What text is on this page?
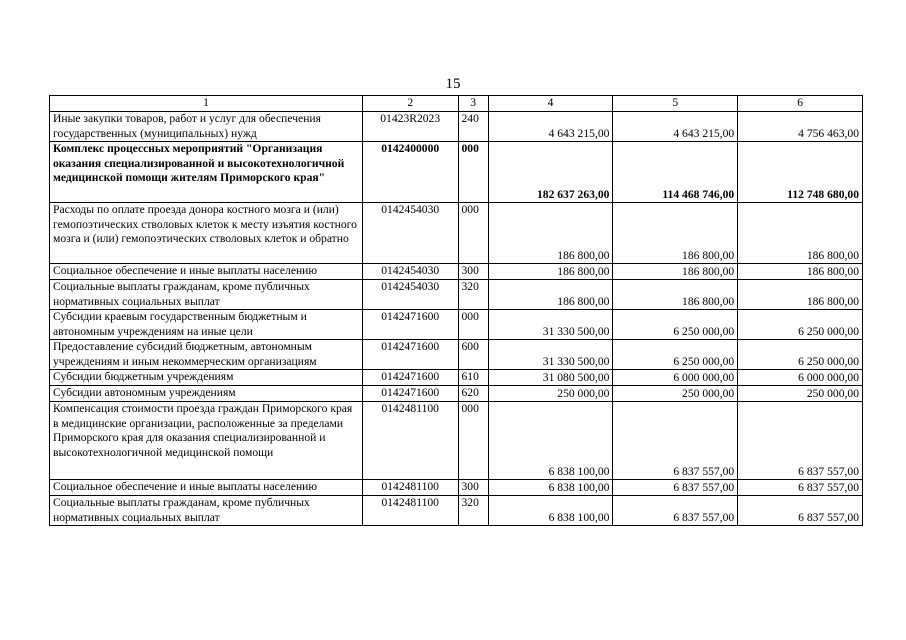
15
1	2	3	4	5	6
Иные закупки товаров, работ и услуг для обеспечения государственных (муниципальных) нужд	01423R2023	240	4 643 215,00	4 643 215,00	4 756 463,00
Комплекс процессных мероприятий "Организация оказания специализированной и высокотехнологичной медицинской помощи жителям Приморского края"	0142400000	000	182 637 263,00	114 468 746,00	112 748 680,00
Расходы по оплате проезда донора костного мозга и (или) гемопоэтических стволовых клеток к месту изъятия костного мозга и (или) гемопоэтических стволовых клеток и обратно	0142454030	000	186 800,00	186 800,00	186 800,00
Социальное обеспечение и иные выплаты населению	0142454030	300	186 800,00	186 800,00	186 800,00
Социальные выплаты гражданам, кроме публичных нормативных социальных выплат	0142454030	320	186 800,00	186 800,00	186 800,00
Субсидии краевым государственным бюджетным и автономным учреждениям на иные цели	0142471600	000	31 330 500,00	6 250 000,00	6 250 000,00
Предоставление субсидий бюджетным, автономным учреждениям и иным некоммерческим организациям	0142471600	600	31 330 500,00	6 250 000,00	6 250 000,00
Субсидии бюджетным учреждениям	0142471600	610	31 080 500,00	6 000 000,00	6 000 000,00
Субсидии автономным учреждениям	0142471600	620	250 000,00	250 000,00	250 000,00
Компенсация стоимости проезда граждан Приморского края в медицинские организации, расположенные за пределами Приморского края для оказания специализированной и высокотехнологичной медицинской помощи	0142481100	000	6 838 100,00	6 837 557,00	6 837 557,00
Социальное обеспечение и иные выплаты населению	0142481100	300	6 838 100,00	6 837 557,00	6 837 557,00
Социальные выплаты гражданам, кроме публичных нормативных социальных выплат	0142481100	320	6 838 100,00	6 837 557,00	6 837 557,00
